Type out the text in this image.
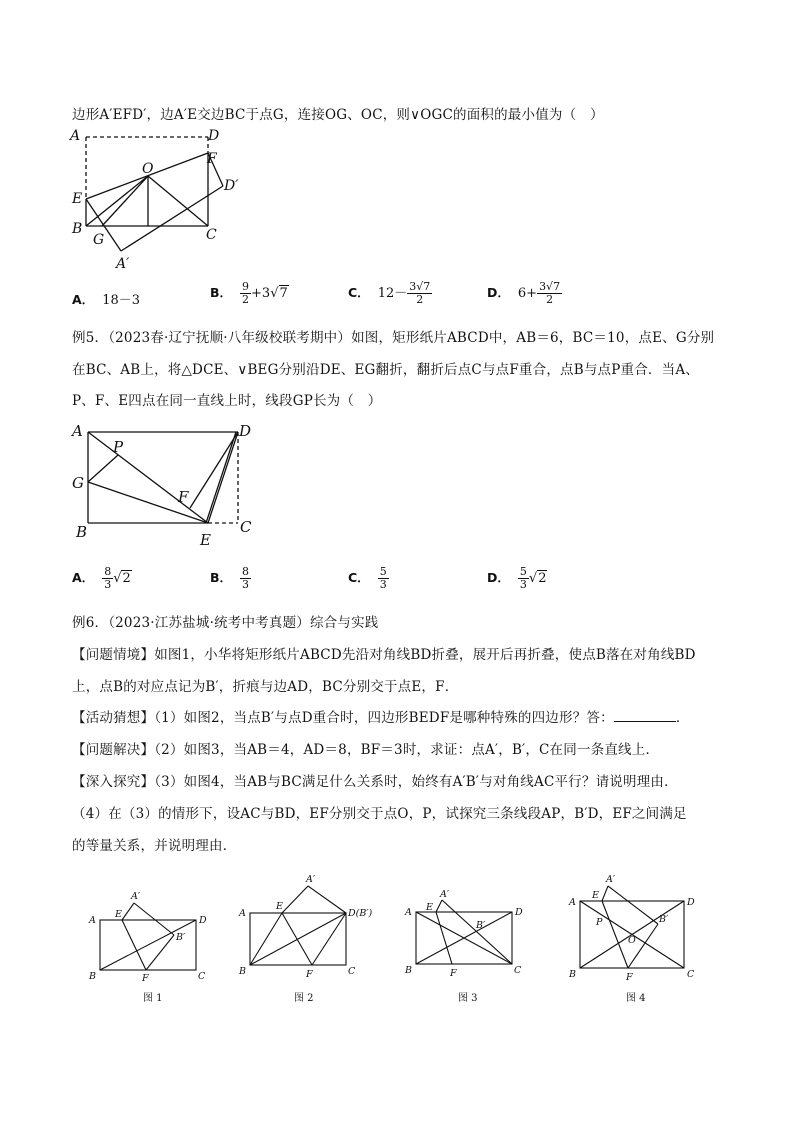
边形A′EFD′，边A′E交边BC于点G，连接OG、OC，则∨OGC的面积的最小值为（　）
A	D
F
D′
O
E
B
G	C
A′
A． 18－3
B． $\frac{9}{2} +3√7$	C． $12- \frac{3√7}{2}$	D． $6+ \frac{3√7}{2}$
例5．（2023春·辽宁抚顺·八年级校联考期中）如图，矩形纸片ABCD中，AB＝6，BC＝10，点E、G分别
在BC、AB上，将△DCE、∨BEG分别沿DE、EG翻折，翻折后点C与点F重合，点B与点P重合．当A、
P、F、E四点在同一直线上时，线段GP长为（　）
A	D
P
G
F
B	E
C
A． $\frac{8}{3} √2$	B． $\frac{8}{3}$	C． $\frac{5}{3}$	D． $\frac{5}{3} √2$
例6．（2023·江苏盐城·统考中考真题）综合与实践
【问题情境】如图1，小华将矩形纸片ABCD先沿对角线BD折叠，展开后再折叠，使点B落在对角线BD
上，点B的对应点记为B′，折痕与边AD，BC分别交于点E，F．
【活动猜想】（1）如图2，当点B′与点D重合时，四边形BEDF是哪种特殊的四边形？答：	．
【问题解决】（2）如图3，当AB＝4，AD＝8，BF＝3时，求证：点A′，B′，C在同一条直线上．
【深入探究】（3）如图4，当AB与BC满足什么关系时，始终有A′B′与对角线AC平行？请说明理由．
（4）在（3）的情形下，设AC与BD，EF分别交于点O，P，试探究三条线段AP，B′D，EF之间满足
的等量关系，并说明理由．
A
E
A′
D
B′
B	F	C
图 1
A
E
A′
D(B′)
B	F	C
图 2
A E
A′
D
B′
B	F	C
图 3
A
E
A′
D
P	B′
O
B	F	C
图 4
